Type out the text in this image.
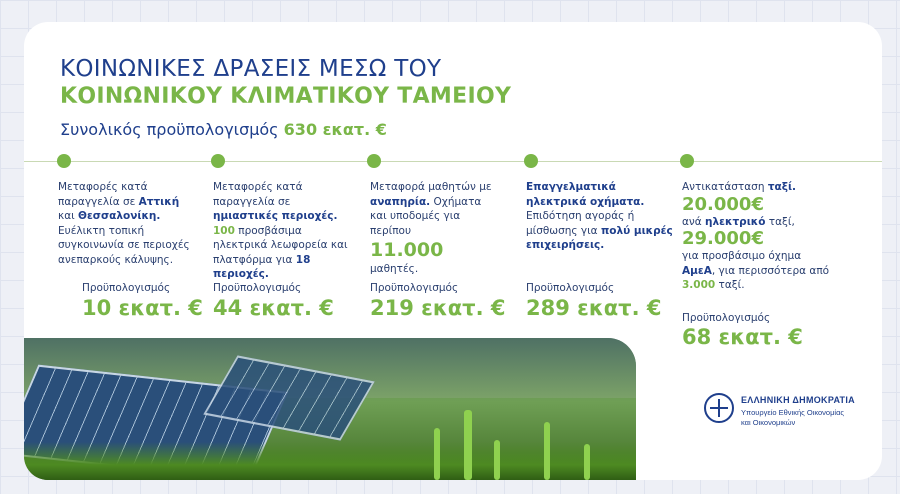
ΚΟΙΝΩΝΙΚΕΣ ΔΡΑΣΕΙΣ ΜΕΣΩ ΤΟΥ
ΚΟΙΝΩΝΙΚΟΥ ΚΛΙΜΑΤΙΚΟΥ ΤΑΜΕΙΟΥ
Συνολικός προϋπολογισμός 630 εκατ. €
Μεταφορές κατά παραγγελία σε Αττική και Θεσσαλονίκη. Ευέλικτη τοπική συγκοινωνία σε περιοχές ανεπαρκούς κάλυψης.
Προϋπολογισμός
10 εκατ. €
Μεταφορές κατά παραγγελία σε ημιαστικές περιοχές. 100 προσβάσιμα ηλεκτρικά λεωφορεία και πλατφόρμα για 18 περιοχές.
Προϋπολογισμός
44 εκατ. €
Μεταφορά μαθητών με αναπηρία. Οχήματα και υποδομές για περίπου
11.000
μαθητές.
Προϋπολογισμός
219 εκατ. €
Επαγγελματικά ηλεκτρικά οχήματα. Επιδότηση αγοράς ή μίσθωσης για πολύ μικρές επιχειρήσεις.
Προϋπολογισμός
289 εκατ. €
Αντικατάσταση ταξί.
20.000€
ανά ηλεκτρικό ταξί,
29.000€
για προσβάσιμο όχημα ΑμεΑ, για περισσότερα από 3.000 ταξί.
Προϋπολογισμός
68 εκατ. €
ΕΛΛΗΝΙΚΗ ΔΗΜΟΚΡΑΤΙΑ
Υπουργείο Εθνικής Οικονομίας
και Οικονομικών
